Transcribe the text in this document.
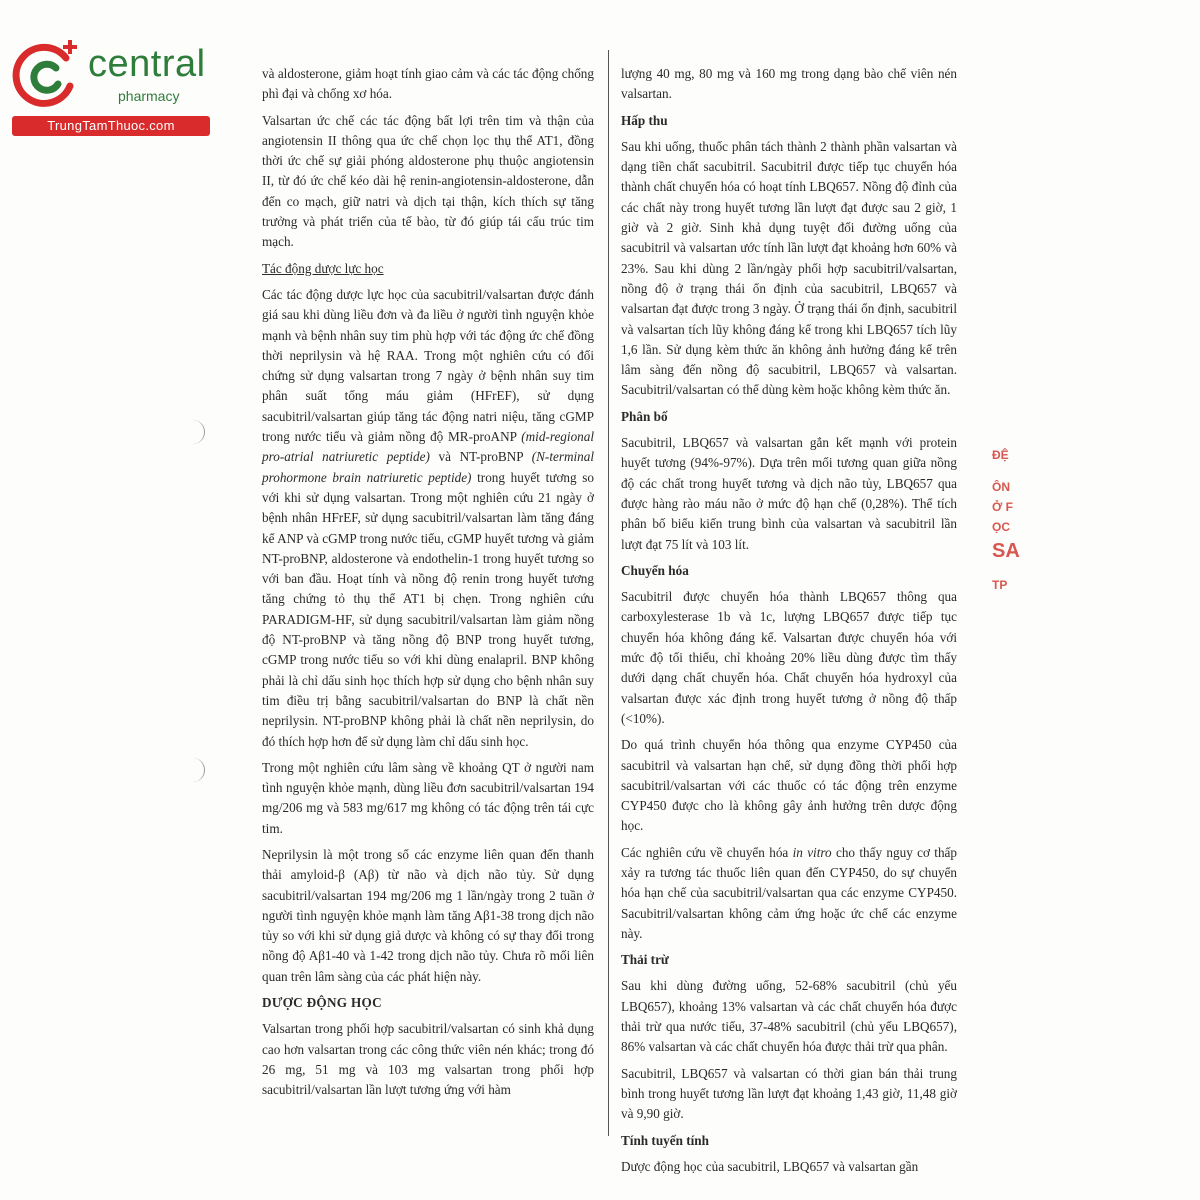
central
pharmacy
TrungTamThuoc.com

và aldosterone, giảm hoạt tính giao cảm và các tác động chống phì đại và chống xơ hóa.

Valsartan ức chế các tác động bất lợi trên tim và thận của angiotensin II thông qua ức chế chọn lọc thụ thể AT1, đồng thời ức chế sự giải phóng aldosterone phụ thuộc angiotensin II, từ đó ức chế kéo dài hệ renin-angiotensin-aldosterone, dẫn đến co mạch, giữ natri và dịch tại thận, kích thích sự tăng trưởng và phát triển của tế bào, từ đó giúp tái cấu trúc tim mạch.

Tác động dược lực học

Các tác động dược lực học của sacubitril/valsartan được đánh giá sau khi dùng liều đơn và đa liều ở người tình nguyện khỏe mạnh và bệnh nhân suy tim phù hợp với tác động ức chế đồng thời neprilysin và hệ RAA. Trong một nghiên cứu có đối chứng sử dụng valsartan trong 7 ngày ở bệnh nhân suy tim phân suất tống máu giảm (HFrEF), sử dụng sacubitril/valsartan giúp tăng tác động natri niệu, tăng cGMP trong nước tiểu và giảm nồng độ MR-proANP (mid-regional pro-atrial natriuretic peptide) và NT-proBNP (N-terminal prohormone brain natriuretic peptide) trong huyết tương so với khi sử dụng valsartan. Trong một nghiên cứu 21 ngày ở bệnh nhân HFrEF, sử dụng sacubitril/valsartan làm tăng đáng kể ANP và cGMP trong nước tiểu, cGMP huyết tương và giảm NT-proBNP, aldosterone và endothelin-1 trong huyết tương so với ban đầu. Hoạt tính và nồng độ renin trong huyết tương tăng chứng tỏ thụ thể AT1 bị chẹn. Trong nghiên cứu PARADIGM-HF, sử dụng sacubitril/valsartan làm giảm nồng độ NT-proBNP và tăng nồng độ BNP trong huyết tương, cGMP trong nước tiểu so với khi dùng enalapril. BNP không phải là chỉ dấu sinh học thích hợp sử dụng cho bệnh nhân suy tim điều trị bằng sacubitril/valsartan do BNP là chất nền neprilysin. NT-proBNP không phải là chất nền neprilysin, do đó thích hợp hơn để sử dụng làm chỉ dấu sinh học.

Trong một nghiên cứu lâm sàng về khoảng QT ở người nam tình nguyện khỏe mạnh, dùng liều đơn sacubitril/valsartan 194 mg/206 mg và 583 mg/617 mg không có tác động trên tái cực tim.

Neprilysin là một trong số các enzyme liên quan đến thanh thải amyloid-β (Aβ) từ não và dịch não tủy. Sử dụng sacubitril/valsartan 194 mg/206 mg 1 lần/ngày trong 2 tuần ở người tình nguyện khỏe mạnh làm tăng Aβ1-38 trong dịch não tủy so với khi sử dụng giả dược và không có sự thay đổi trong nồng độ Aβ1-40 và 1-42 trong dịch não tủy. Chưa rõ mối liên quan trên lâm sàng của các phát hiện này.

DƯỢC ĐỘNG HỌC

Valsartan trong phối hợp sacubitril/valsartan có sinh khả dụng cao hơn valsartan trong các công thức viên nén khác; trong đó 26 mg, 51 mg và 103 mg valsartan trong phối hợp sacubitril/valsartan lần lượt tương ứng với hàm

lượng 40 mg, 80 mg và 160 mg trong dạng bào chế viên nén valsartan.

Hấp thu

Sau khi uống, thuốc phân tách thành 2 thành phần valsartan và dạng tiền chất sacubitril. Sacubitril được tiếp tục chuyển hóa thành chất chuyển hóa có hoạt tính LBQ657. Nồng độ đỉnh của các chất này trong huyết tương lần lượt đạt được sau 2 giờ, 1 giờ và 2 giờ. Sinh khả dụng tuyệt đối đường uống của sacubitril và valsartan ước tính lần lượt đạt khoảng hơn 60% và 23%. Sau khi dùng 2 lần/ngày phối hợp sacubitril/valsartan, nồng độ ở trạng thái ổn định của sacubitril, LBQ657 và valsartan đạt được trong 3 ngày. Ở trạng thái ổn định, sacubitril và valsartan tích lũy không đáng kể trong khi LBQ657 tích lũy 1,6 lần. Sử dụng kèm thức ăn không ảnh hưởng đáng kể trên lâm sàng đến nồng độ sacubitril, LBQ657 và valsartan. Sacubitril/valsartan có thể dùng kèm hoặc không kèm thức ăn.

Phân bố

Sacubitril, LBQ657 và valsartan gắn kết mạnh với protein huyết tương (94%-97%). Dựa trên mối tương quan giữa nồng độ các chất trong huyết tương và dịch não tủy, LBQ657 qua được hàng rào máu não ở mức độ hạn chế (0,28%). Thể tích phân bố biểu kiến trung bình của valsartan và sacubitril lần lượt đạt 75 lít và 103 lít.

Chuyển hóa

Sacubitril được chuyển hóa thành LBQ657 thông qua carboxylesterase 1b và 1c, lượng LBQ657 được tiếp tục chuyển hóa không đáng kể. Valsartan được chuyển hóa với mức độ tối thiểu, chỉ khoảng 20% liều dùng được tìm thấy dưới dạng chất chuyển hóa. Chất chuyển hóa hydroxyl của valsartan được xác định trong huyết tương ở nồng độ thấp (<10%).

Do quá trình chuyển hóa thông qua enzyme CYP450 của sacubitril và valsartan hạn chế, sử dụng đồng thời phối hợp sacubitril/valsartan với các thuốc có tác động trên enzyme CYP450 được cho là không gây ảnh hưởng trên dược động học.

Các nghiên cứu về chuyển hóa in vitro cho thấy nguy cơ thấp xảy ra tương tác thuốc liên quan đến CYP450, do sự chuyển hóa hạn chế của sacubitril/valsartan qua các enzyme CYP450. Sacubitril/valsartan không cảm ứng hoặc ức chế các enzyme này.

Thải trừ

Sau khi dùng đường uống, 52-68% sacubitril (chủ yếu LBQ657), khoảng 13% valsartan và các chất chuyển hóa được thải trừ qua nước tiểu, 37-48% sacubitril (chủ yếu LBQ657), 86% valsartan và các chất chuyển hóa được thải trừ qua phân.

Sacubitril, LBQ657 và valsartan có thời gian bán thải trung bình trong huyết tương lần lượt đạt khoảng 1,43 giờ, 11,48 giờ và 9,90 giờ.

Tính tuyến tính

Dược động học của sacubitril, LBQ657 và valsartan gần

ĐỆ
ÔN
Ở F
ỌC
SA
TP
